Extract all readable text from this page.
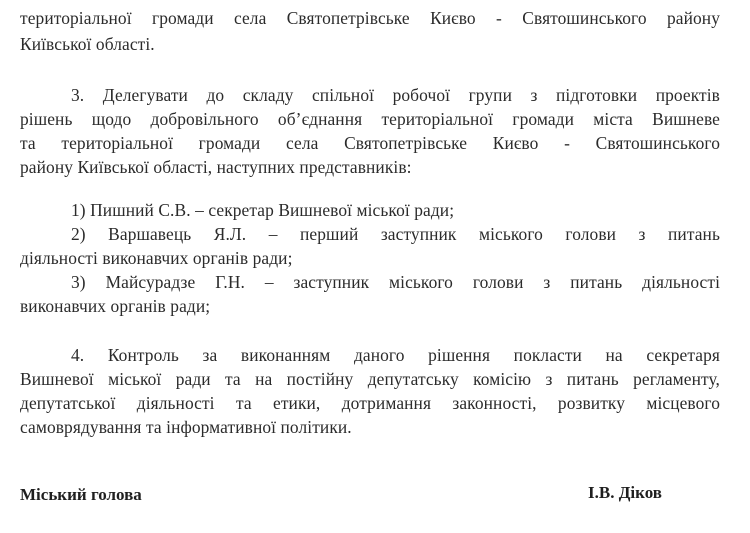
територіальної громади села Святопетрівське Києво - Святошинського району
Київської області.
3. Делегувати до складу спільної робочої групи з підготовки проектів
рішень щодо добровільного об’єднання територіальної громади міста Вишневе
та територіальної громади села Святопетрівське Києво - Святошинського
району Київської області, наступних представників:
1) Пишний С.В. – секретар Вишневої міської ради;
2) Варшавець Я.Л. – перший заступник міського голови з питань
діяльності виконавчих органів ради;
3) Майсурадзе Г.Н. – заступник міського голови з питань діяльності
виконавчих органів ради;
4. Контроль за виконанням даного рішення покласти на секретаря
Вишневої міської ради та на постійну депутатську комісію з питань регламенту,
депутатської діяльності та етики, дотримання законності, розвитку місцевого
самоврядування та інформативної політики.
Міський голова	І.В. Діков
